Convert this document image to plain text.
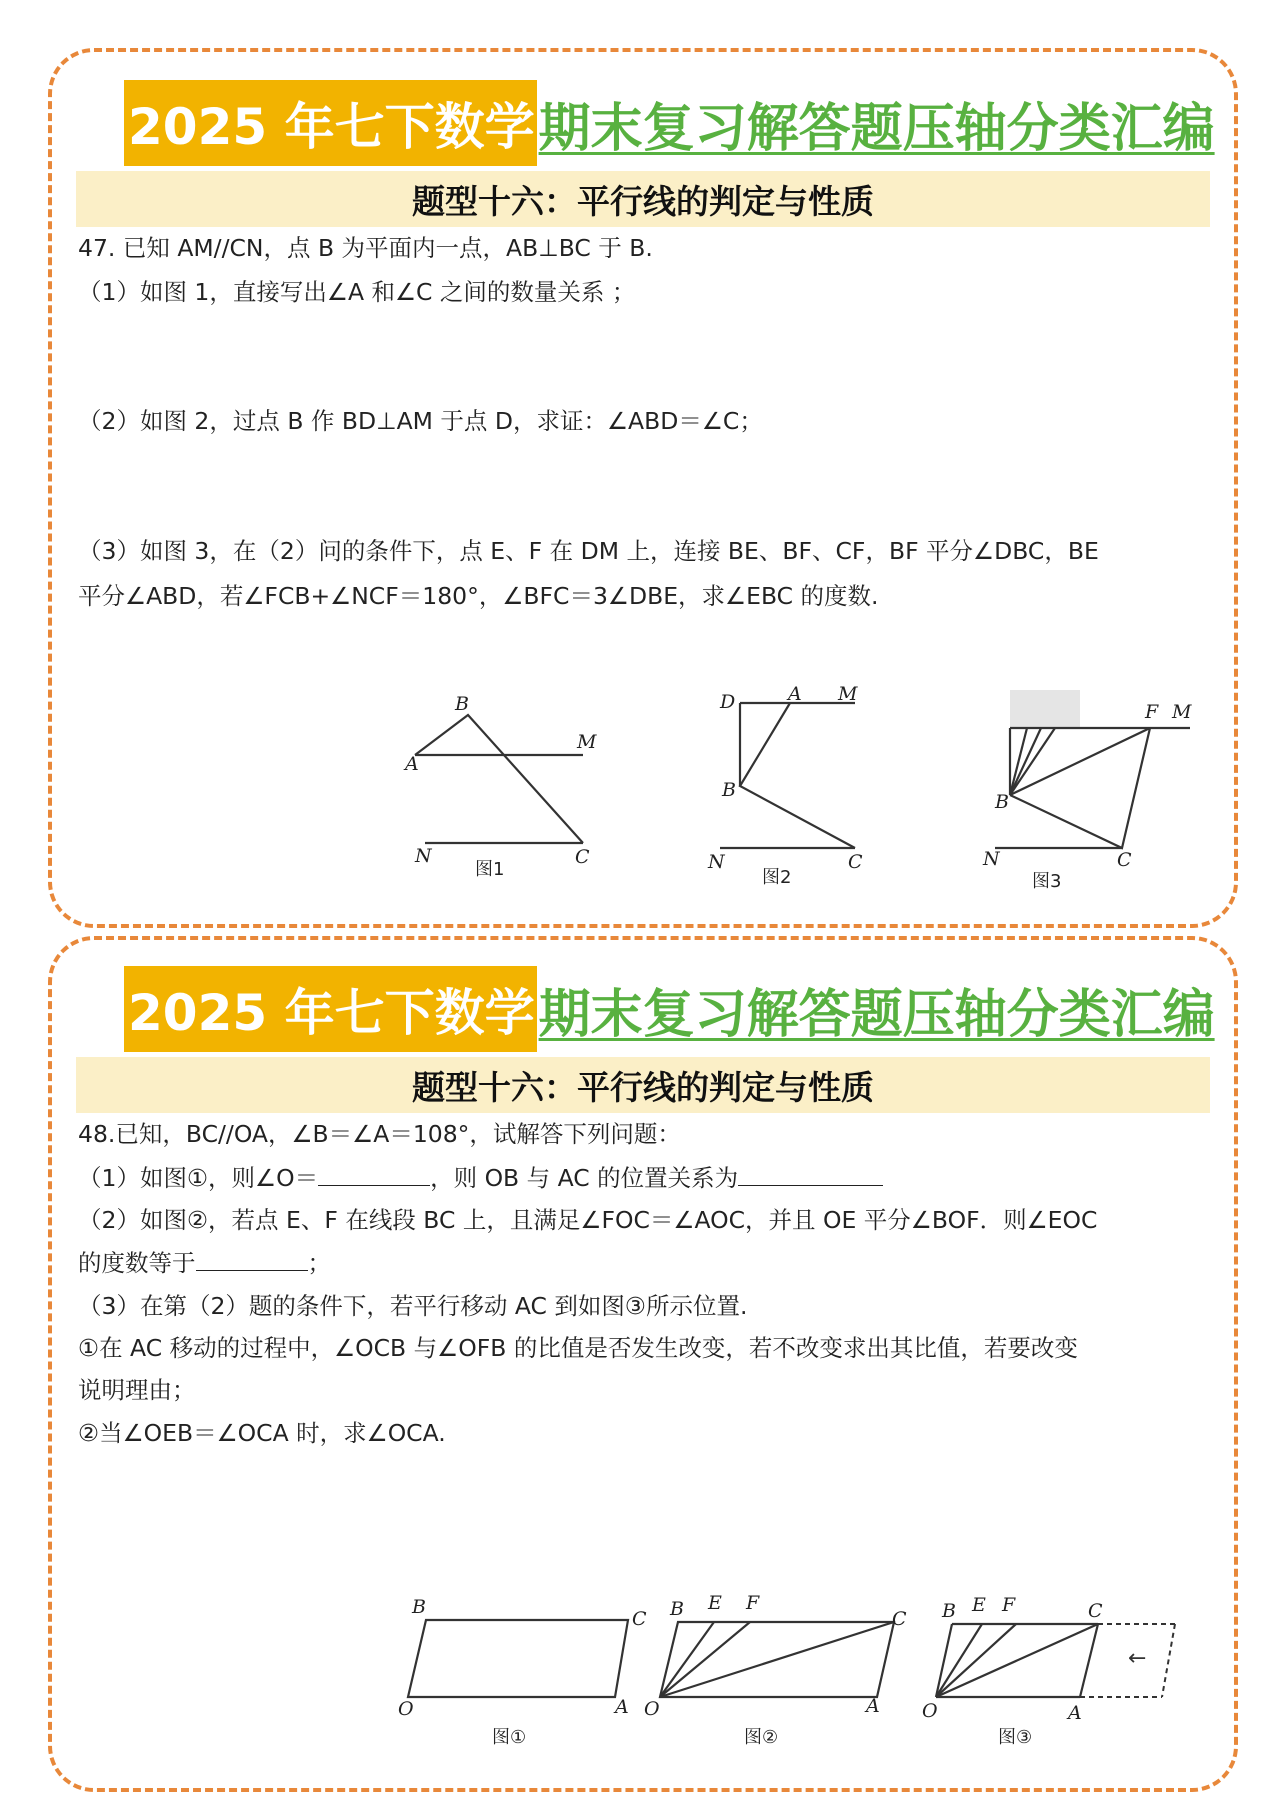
2025 年七下数学 期末复习解答题压轴分类汇编
题型十六：平行线的判定与性质
47. 已知 AM//CN，点 B 为平面内一点，AB⊥BC 于 B.
（1）如图 1，直接写出∠A 和∠C 之间的数量关系 ；
（2）如图 2，过点 B 作 BD⊥AM 于点 D，求证：∠ABD＝∠C；
（3）如图 3，在（2）问的条件下，点 E、F 在 DM 上，连接 BE、BF、CF，BF 平分∠DBC，BE
平分∠ABD，若∠FCB+∠NCF＝180°，∠BFC＝3∠DBE，求∠EBC 的度数.
B
A
M
N	C
图1
D	A M
B
N	C
图2
F M
B
N	C
图3
2025 年七下数学 期末复习解答题压轴分类汇编
题型十六：平行线的判定与性质
48.已知，BC//OA，∠B＝∠A＝108°，试解答下列问题：
（1）如图①，则∠O＝	，则 OB 与 AC 的位置关系为
（2）如图②，若点 E、F 在线段 BC 上，且满足∠FOC＝∠AOC，并且 OE 平分∠BOF．则∠EOC
的度数等于	；
（3）在第（2）题的条件下，若平行移动 AC 到如图③所示位置.
①在 AC 移动的过程中，∠OCB 与∠OFB 的比值是否发生改变，若不改变求出其比值，若要改变
说明理由；
②当∠OEB＝∠OCA 时，求∠OCA.
B
C
O	A
图①
B E F
C
O	A
图②
←
B E F	C
O	A
图③
